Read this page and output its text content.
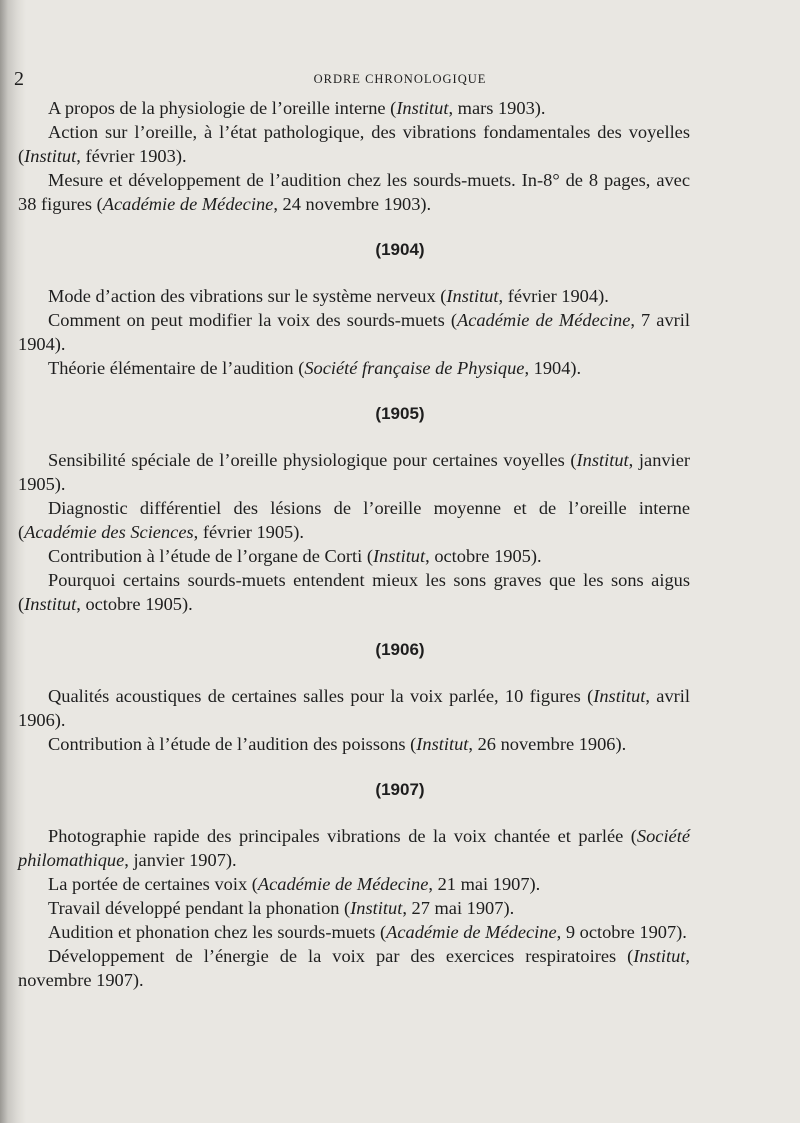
2	ORDRE CHRONOLOGIQUE
A propos de la physiologie de l’oreille interne (Institut, mars 1903).
Action sur l’oreille, à l’état pathologique, des vibrations fondamentales des voyelles (Institut, février 1903).
Mesure et développement de l’audition chez les sourds-muets. In-8° de 8 pages, avec 38 figures (Académie de Médecine, 24 novembre 1903).
(1904)
Mode d’action des vibrations sur le système nerveux (Institut, février 1904).
Comment on peut modifier la voix des sourds-muets (Académie de Médecine, 7 avril 1904).
Théorie élémentaire de l’audition (Société française de Physique, 1904).
(1905)
Sensibilité spéciale de l’oreille physiologique pour certaines voyelles (Institut, janvier 1905).
Diagnostic différentiel des lésions de l’oreille moyenne et de l’oreille interne (Académie des Sciences, février 1905).
Contribution à l’étude de l’organe de Corti (Institut, octobre 1905).
Pourquoi certains sourds-muets entendent mieux les sons graves que les sons aigus (Institut, octobre 1905).
(1906)
Qualités acoustiques de certaines salles pour la voix parlée, 10 figures (Institut, avril 1906).
Contribution à l’étude de l’audition des poissons (Institut, 26 novembre 1906).
(1907)
Photographie rapide des principales vibrations de la voix chantée et parlée (Société philomathique, janvier 1907).
La portée de certaines voix (Académie de Médecine, 21 mai 1907).
Travail développé pendant la phonation (Institut, 27 mai 1907).
Audition et phonation chez les sourds-muets (Académie de Médecine, 9 octobre 1907).
Développement de l’énergie de la voix par des exercices respiratoires (Institut, novembre 1907).
